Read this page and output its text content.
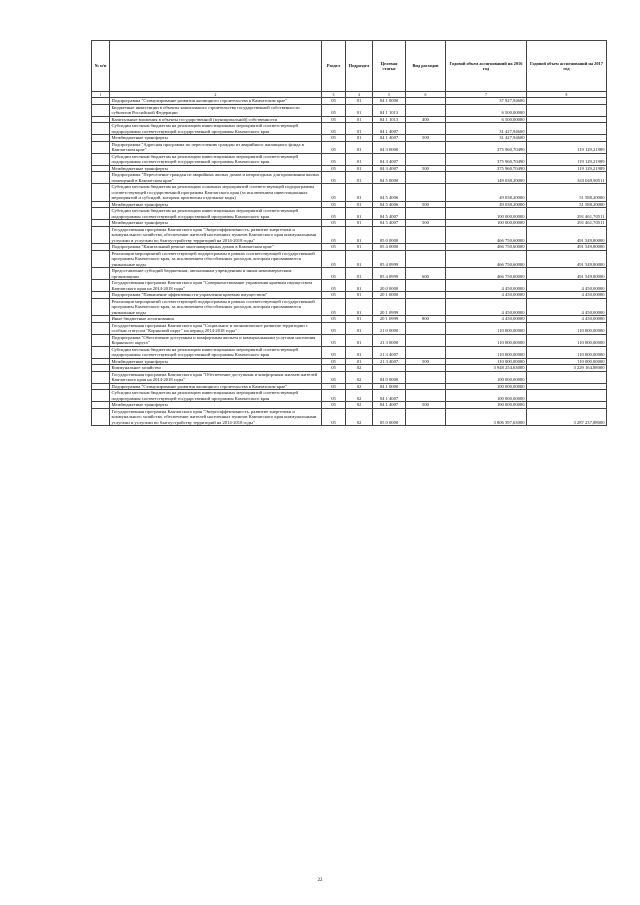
№ п/п		Раздел	Подраздел	Целевая статья	Вид расходов	Годовой объем ассигнований на 2016 год	Годовой объем ассигнований на 2017 год
1	2	3	4	5	6	7	8
	Подпрограмма "Стимулирование развития жилищного строительства в Камчатском крае"	05	01	04 1 0000		37 927,94600	
	Бюджетные инвестиции в объекты капитального строительства государственной собственности субъектов Российской Федерации	05	01	04 1 1013		6 500,00000	
	Капитальные вложения в объекты государственной (муниципальной) собственности	05	01	04 1 1013	400	6 500,00000	
	Субсидии местным бюджетам на реализацию инвестиционных мероприятий соответствующей подпрограммы соответствующей государственной программы Камчатского края	05	01	04 1 4007		31 427,94600	
	Межбюджетные трансферты	05	01	04 1 4007	500	31 427,94600	
	Подпрограмма "Адресная программа по переселению граждан из аварийного жилищного фонда в Камчатском крае"	05	01	04 3 0000		375 960,70490	119 129,21989
	Субсидии местным бюджетам на реализацию инвестиционных мероприятий соответствующей подпрограммы соответствующей государственной программы Камчатского края	05	01	04 3 4007		375 960,70490	119 129,21989
	Межбюджетные трансферты	05	01	04 3 4007	500	375 960,70490	119 129,21989
	Подпрограмма "Переселение граждан из аварийных жилых домов и непригодных для проживания жилых помещений в Камчатском крае"	05	01	04 5 0000		149 038,20000	343 049,90511
	Субсидии местным бюджетам на реализацию основных мероприятий соответствующей подпрограммы соответствующей государственной программы Камчатского края (за исключением инвестиционных мероприятий и субсидий, которым присвоены отдельные коды)	05	01	04 5 4006		49 038,20000	51 588,20000
	Межбюджетные трансферты	05	01	04 5 4006	500	49 038,20000	51 588,20000
	Субсидии местным бюджетам на реализацию инвестиционных мероприятий соответствующей подпрограммы соответствующей государственной программы Камчатского края	05	01	04 5 4007		100 000,00000	291 461,70511
	Межбюджетные трансферты	05	01	04 5 4007	500	100 000,00000	291 461,70511
	Государственная программа Камчатского края "Энергоэффективность, развитие энергетики и коммунального хозяйства, обеспечение жителей населенных пунктов Камчатского края коммунальными услугами и услугами по благоустройству территорий на 2014-2018 годы"	05	01	05 0 0000		466 750,60000	491 549,80000
	Подпрограмма "Капитальный ремонт многоквартирных домов в Камчатском крае"	05	01	05 4 0000		466 750,60000	491 549,80000
	Реализация мероприятий соответствующей подпрограммы в рамках соответствующей государственной программы Камчатского края, за исключением обособленных расходов, которым присваиваются уникальные коды	05	01	05 4 0999		466 750,60000	491 549,80000
	Предоставление субсидий бюджетным, автономным учреждениям и иным некоммерческим организациям	05	01	05 4 0999	600	466 750,60000	491 549,80000
	Государственная программа Камчатского края "Совершенствование управления краевым имуществом Камчатского края на 2014-2018 годы"	05	01	20 0 0000		4 450,00000	4 450,00000
	Подпрограмма "Повышение эффективности управления краевым имуществом"	05	01	20 1 0000		4 450,00000	4 450,00000
	Реализация мероприятий соответствующей подпрограммы в рамках соответствующей государственной программы Камчатского края, за исключением обособленных расходов, которым присваиваются уникальные коды	05	01	20 1 0999		4 450,00000	4 450,00000
	Иные бюджетные ассигнования	05	01	20 1 0999	800	4 450,00000	4 450,00000
	Государственная программа Камчатского края "Социальное и экономическое развитие территории с особым статусом "Корякский округ" на период 2014-2018 годы"	05	01	21 0 0000		110 000,00000	110 000,00000
	Подпрограмма "Обеспечение доступным и комфортным жильем и коммунальными услугами населения Корякского округа"	05	01	21 3 0000		110 000,00000	110 000,00000
	Субсидии местным бюджетам на реализацию инвестиционных мероприятий соответствующей подпрограммы соответствующей государственной программы Камчатского края	05	01	21 3 4007		110 000,00000	110 000,00000
	Межбюджетные трансферты	05	01	21 3 4007	500	110 000,00000	110 000,00000
	Коммунальное хозяйство	05	02			3 948 254,63000	3 229 164,88000
	Государственная программа Камчатского края "Обеспечение доступным и комфортным жильем жителей Камчатского края на 2014-2018 годы"	05	02	04 0 0000		100 000,00000	
	Подпрограмма "Стимулирование развития жилищного строительства в Камчатском крае"	05	02	04 1 0000		100 000,00000	
	Субсидии местным бюджетам на реализацию инвестиционных мероприятий соответствующей подпрограммы соответствующей государственной программы Камчатского края	05	02	04 1 4007		100 000,00000	
	Межбюджетные трансферты	05	02	04 1 4007	500	100 000,00000	
	Государственная программа Камчатского края "Энергоэффективность, развитие энергетики и коммунального хозяйства, обеспечение жителей населенных пунктов Камчатского края коммунальными услугами и услугами по благоустройству территорий на 2014-2018 годы"	05	02	05 0 0000		3 806 397,63000	3 287 237,88000
22
